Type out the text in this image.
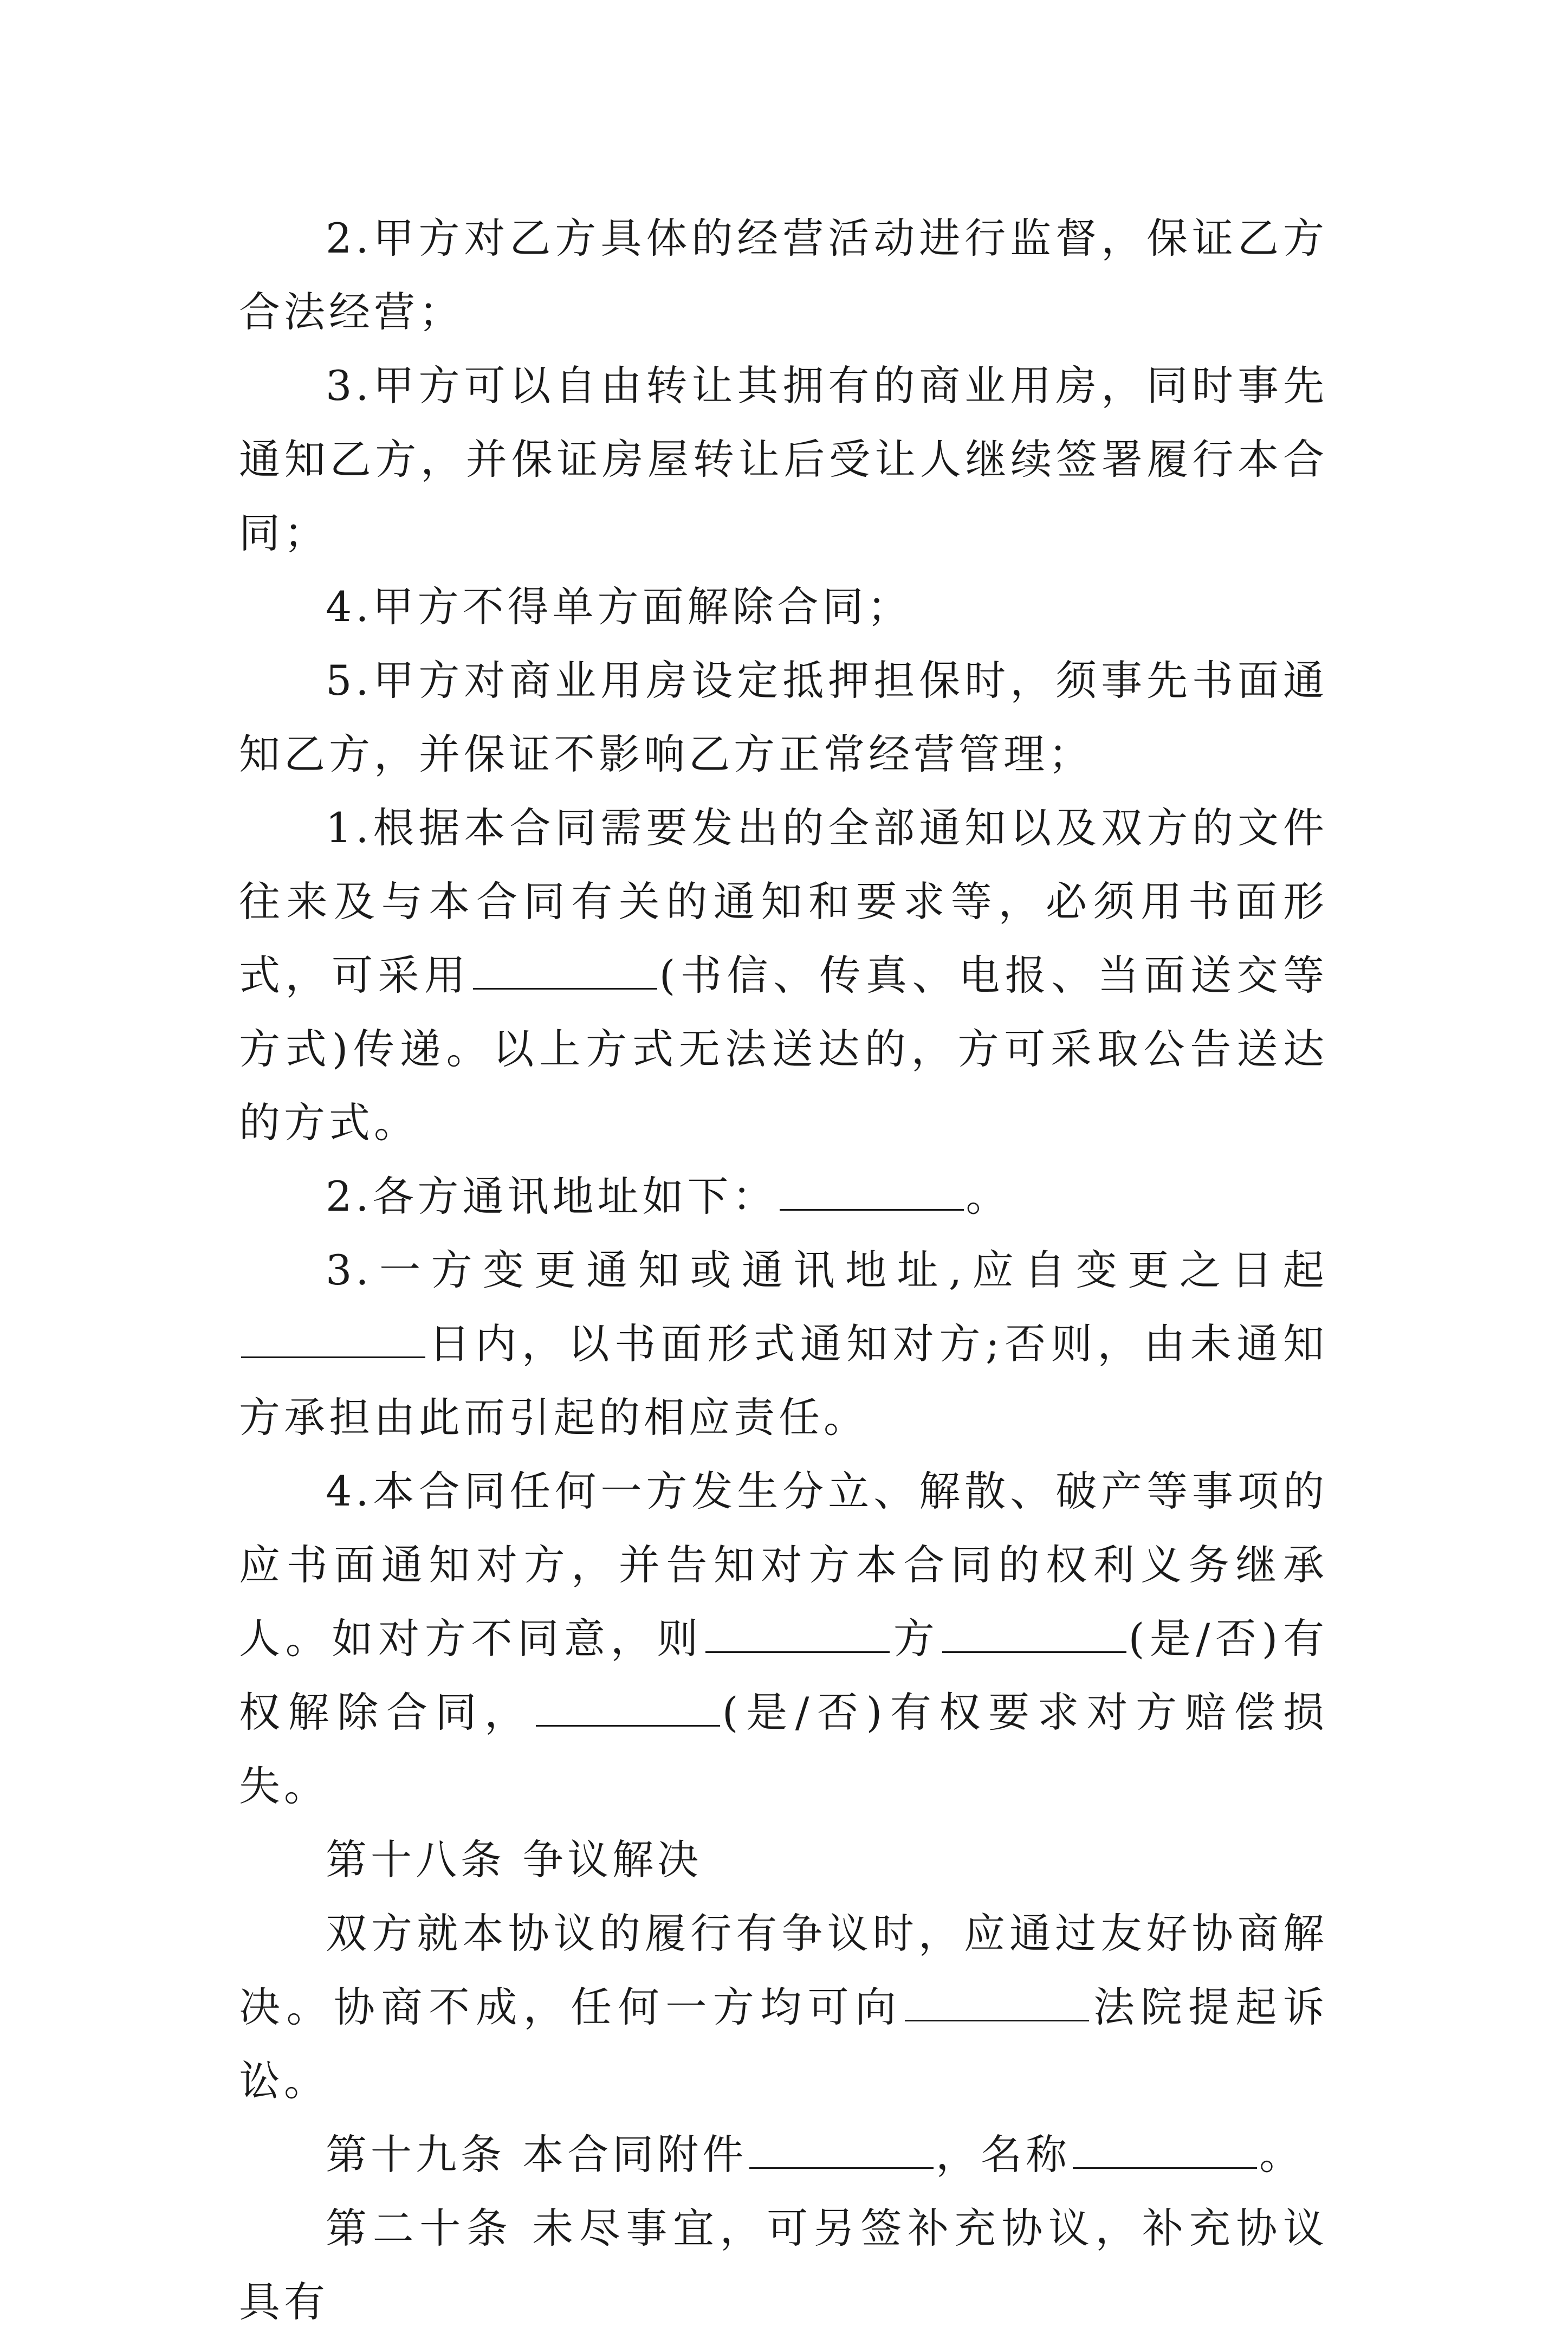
2.甲方对乙方具体的经营活动进行监督，保证乙方合法经营；

3.甲方可以自由转让其拥有的商业用房，同时事先通知乙方，并保证房屋转让后受让人继续签署履行本合同；

4.甲方不得单方面解除合同；

5.甲方对商业用房设定抵押担保时，须事先书面通知乙方，并保证不影响乙方正常经营管理；

1.根据本合同需要发出的全部通知以及双方的文件往来及与本合同有关的通知和要求等，必须用书面形式，可采用	(书信、传真、电报、当面送交等方式)传递。以上方式无法送达的，方可采取公告送达的方式。

2.各方通讯地址如下：	。

3.一方变更通知或通讯地址,应自变更之日起日内，以书面形式通知对方;否则，由未通知方承担由此而引起的相应责任。

4.本合同任何一方发生分立、解散、破产等事项的应书面通知对方，并告知对方本合同的权利义务继承人。如对方不同意，则	方	(是/否)有权解除合同，	(是/否)有权要求对方赔偿损失。

第十八条 争议解决

双方就本协议的履行有争议时，应通过友好协商解决。协商不成，任何一方均可向	法院提起诉讼。

第十九条 本合同附件	，名称	。

第二十条 未尽事宜，可另签补充协议，补充协议具有
